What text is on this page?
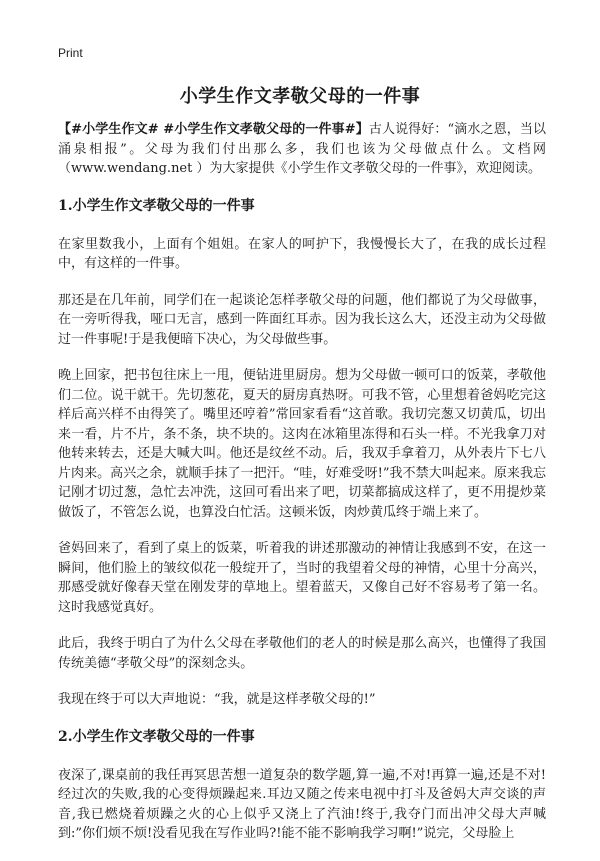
Print
小学生作文孝敬父母的一件事

【#小学生作文# #小学生作文孝敬父母的一件事#】古人说得好：“滴水之恩，当以涌泉相报”。父母为我们付出那么多，我们也该为父母做点什么。文档网（www.wendang.net ）为大家提供《小学生作文孝敬父母的一件事》，欢迎阅读。

1.小学生作文孝敬父母的一件事

在家里数我小，上面有个姐姐。在家人的呵护下，我慢慢长大了，在我的成长过程中，有这样的一件事。

那还是在几年前，同学们在一起谈论怎样孝敬父母的问题，他们都说了为父母做事，在一旁听得我，哑口无言，感到一阵面红耳赤。因为我长这么大，还没主动为父母做过一件事呢!于是我便暗下决心，为父母做些事。

晚上回家，把书包往床上一甩，便钻进里厨房。想为父母做一顿可口的饭菜，孝敬他们二位。说干就干。先切葱花，夏天的厨房真热呀。可我不管，心里想着爸妈吃完这样后高兴样不由得笑了。嘴里还哼着”常回家看看“这首歌。我切完葱又切黄瓜，切出来一看，片不片，条不条，块不块的。这肉在冰箱里冻得和石头一样。不光我拿刀对他转来转去，还是大喊大叫。他还是纹丝不动。后，我双手拿着刀，从外表片下七八片肉来。高兴之余，就顺手抹了一把汗。“哇，好难受呀!”我不禁大叫起来。原来我忘记刚才切过葱，急忙去冲洗，这回可看出来了吧，切菜都搞成这样了，更不用提炒菜做饭了，不管怎么说，也算没白忙活。这顿米饭，肉炒黄瓜终于端上来了。

爸妈回来了，看到了桌上的饭菜，听着我的讲述那激动的神情让我感到不安，在这一瞬间，他们脸上的皱纹似花一般绽开了，当时的我望着父母的神情，心里十分高兴，那感受就好像春天堂在刚发芽的草地上。望着蓝天，又像自己好不容易考了第一名。这时我感觉真好。

此后，我终于明白了为什么父母在孝敬他们的老人的时候是那么高兴，也懂得了我国传统美德“孝敬父母”的深刻念头。

我现在终于可以大声地说：“我，就是这样孝敬父母的!”

2.小学生作文孝敬父母的一件事

夜深了,课桌前的我任再冥思苦想一道复杂的数学题,算一遍,不对!再算一遍,还是不对!经过次的失败,我的心变得烦躁起来.耳边又随之传来电视中打斗及爸妈大声交谈的声音,我已燃烧着烦躁之火的心上似乎又浇上了汽油!终于,我夺门而出冲父母大声喊到:”你们烦不烦!没看见我在写作业吗?!能不能不影响我学习啊!”说完，父母脸上
